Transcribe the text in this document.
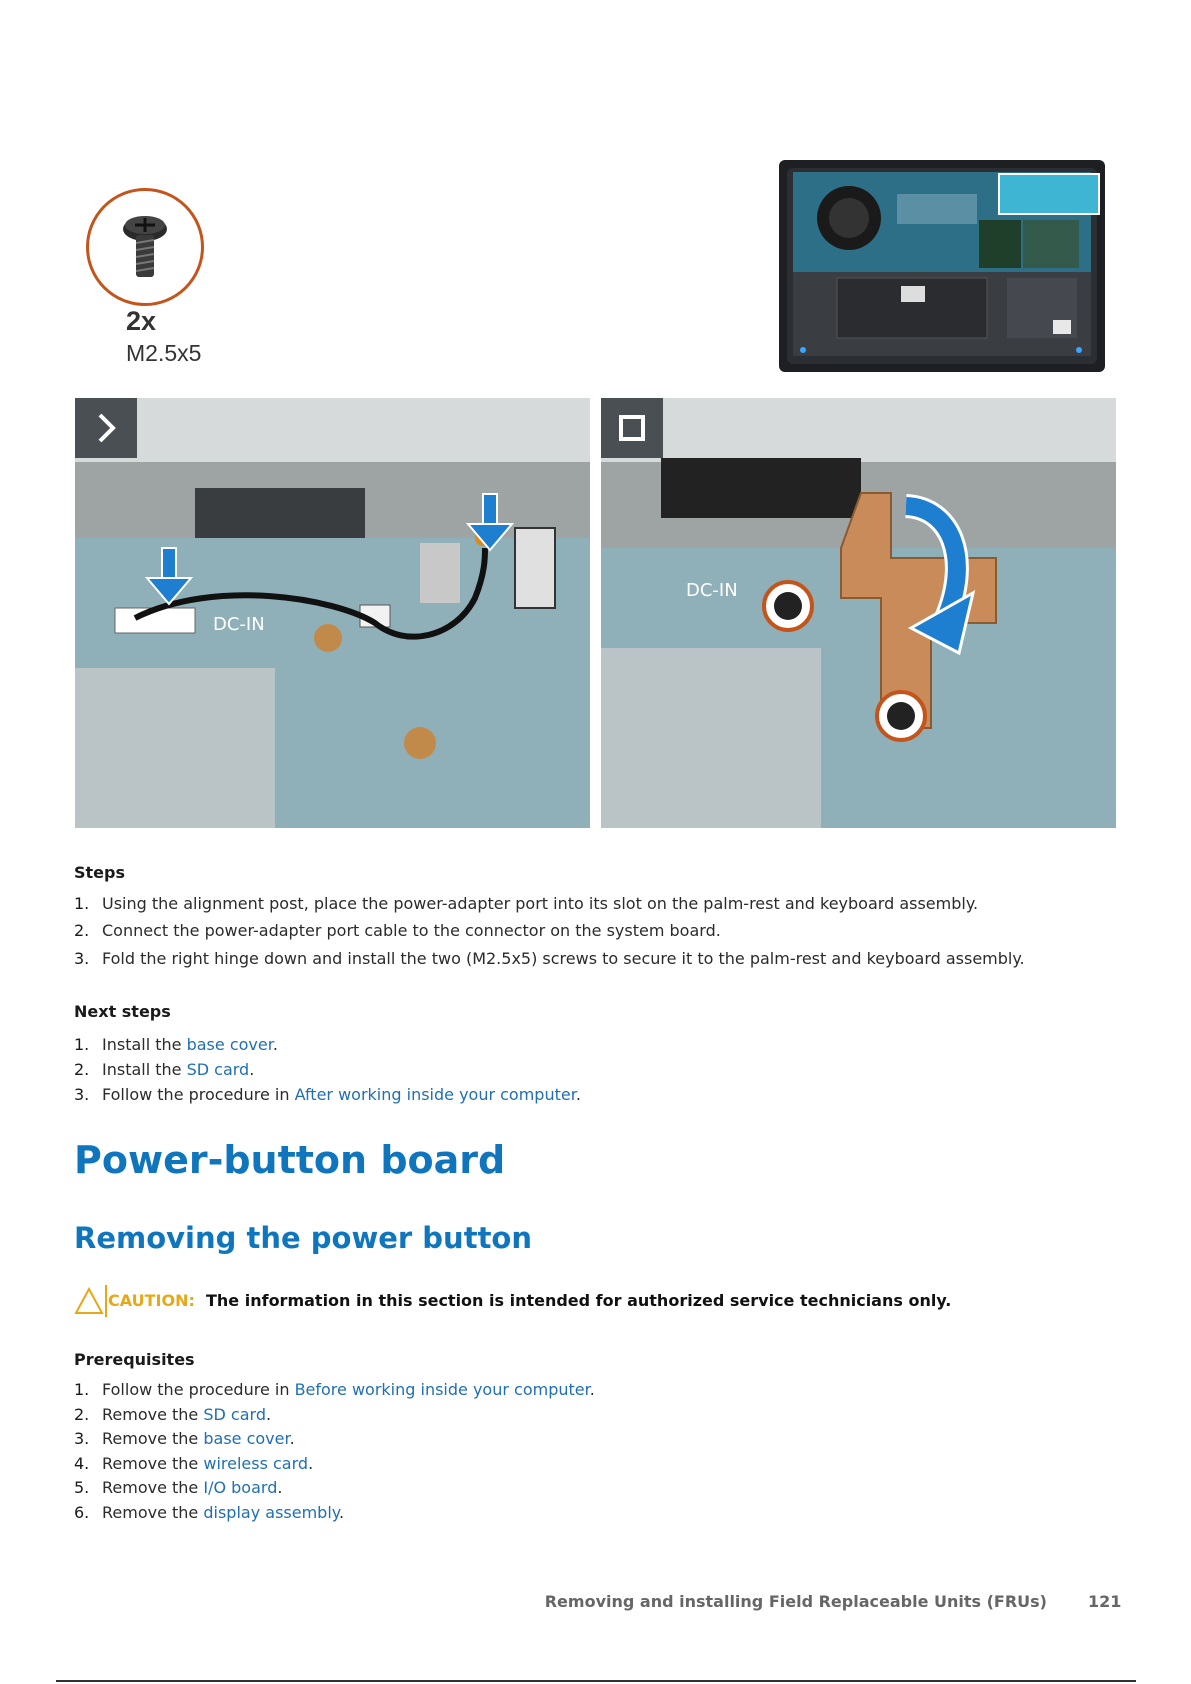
2x
M2.5x5
DC-IN
DC-IN
Steps
1. Using the alignment post, place the power-adapter port into its slot on the palm-rest and keyboard assembly.
2. Connect the power-adapter port cable to the connector on the system board.
3. Fold the right hinge down and install the two (M2.5x5) screws to secure it to the palm-rest and keyboard assembly.
Next steps
1. Install the base cover.
2. Install the SD card.
3. Follow the procedure in After working inside your computer.
Power-button board
Removing the power button
CAUTION: The information in this section is intended for authorized service technicians only.
Prerequisites
1. Follow the procedure in Before working inside your computer.
2. Remove the SD card.
3. Remove the base cover.
4. Remove the wireless card.
5. Remove the I/O board.
6. Remove the display assembly.
Removing and installing Field Replaceable Units (FRUs)	121
